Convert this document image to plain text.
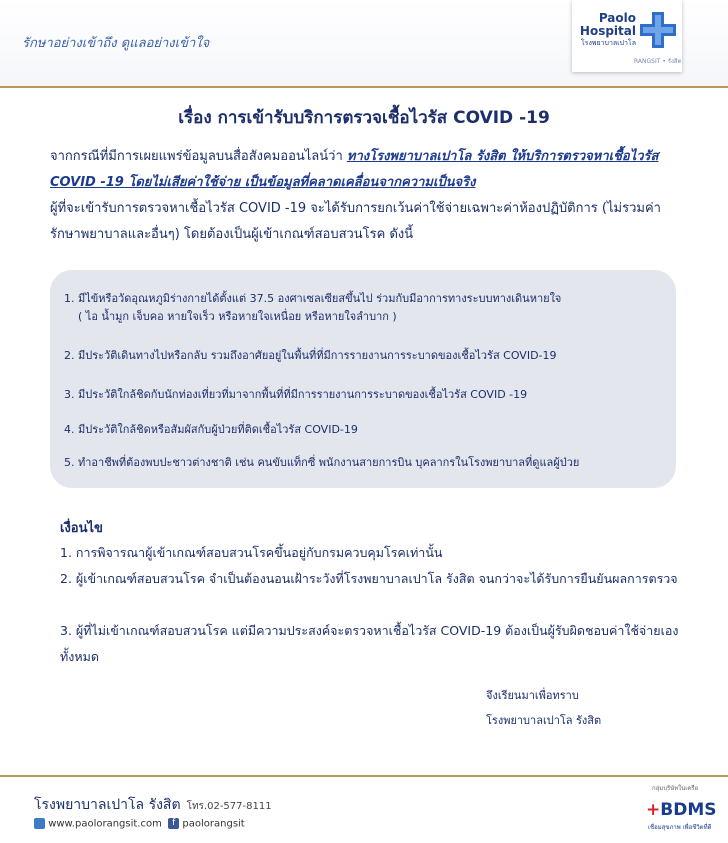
รักษาอย่างเข้าถึง ดูแลอย่างเข้าใจ
Paolo
Hospital
โรงพยาบาลเปาโล
RANGSIT • รังสิต
เรื่อง การเข้ารับบริการตรวจเชื้อไวรัส COVID -19
จากกรณีที่มีการเผยแพร่ข้อมูลบนสื่อสังคมออนไลน์ว่า ทางโรงพยาบาลเปาโล รังสิต ให้บริการตรวจหาเชื้อไวรัส COVID -19 โดยไม่เสียค่าใช้จ่าย เป็นข้อมูลที่คลาดเคลื่อนจากความเป็นจริง
ผู้ที่จะเข้ารับการตรวจหาเชื้อไวรัส COVID -19 จะได้รับการยกเว้นค่าใช้จ่ายเฉพาะค่าห้องปฏิบัติการ (ไม่รวมค่ารักษาพยาบาลและอื่นๆ) โดยต้องเป็นผู้เข้าเกณฑ์สอบสวนโรค ดังนี้
1. มีไข้หรือวัดอุณหภูมิร่างกายได้ตั้งแต่ 37.5 องศาเซลเซียสขึ้นไป ร่วมกับมีอาการทางระบบทางเดินหายใจ
( ไอ น้ำมูก เจ็บคอ หายใจเร็ว หรือหายใจเหนื่อย หรือหายใจลำบาก )
2. มีประวัติเดินทางไปหรือกลับ รวมถึงอาศัยอยู่ในพื้นที่ที่มีการรายงานการระบาดของเชื้อไวรัส COVID-19
3. มีประวัติใกล้ชิดกับนักท่องเที่ยวที่มาจากพื้นที่ที่มีการรายงานการระบาดของเชื้อไวรัส COVID -19
4. มีประวัติใกล้ชิดหรือสัมผัสกับผู้ป่วยที่ติดเชื้อไวรัส COVID-19
5. ทำอาชีพที่ต้องพบปะชาวต่างชาติ เช่น คนขับแท็กซี่ พนักงานสายการบิน บุคลากรในโรงพยาบาลที่ดูแลผู้ป่วย
เงื่อนไข
1. การพิจารณาผู้เข้าเกณฑ์สอบสวนโรคขึ้นอยู่กับกรมควบคุมโรคเท่านั้น
2. ผู้เข้าเกณฑ์สอบสวนโรค จำเป็นต้องนอนเฝ้าระวังที่โรงพยาบาลเปาโล รังสิต จนกว่าจะได้รับการยืนยันผลการตรวจ
3. ผู้ที่ไม่เข้าเกณฑ์สอบสวนโรค แต่มีความประสงค์จะตรวจหาเชื้อไวรัส COVID-19 ต้องเป็นผู้รับผิดชอบค่าใช้จ่ายเองทั้งหมด
จึงเรียนมาเพื่อทราบ
โรงพยาบาลเปาโล รังสิต
โรงพยาบาลเปาโล รังสิต โทร.02-577-8111
www.paolorangsit.com f paolorangsit
กลุ่มบริษัทในเครือ
+BDMS
เชื่อมสุขภาพ เพื่อชีวิตที่ดี
